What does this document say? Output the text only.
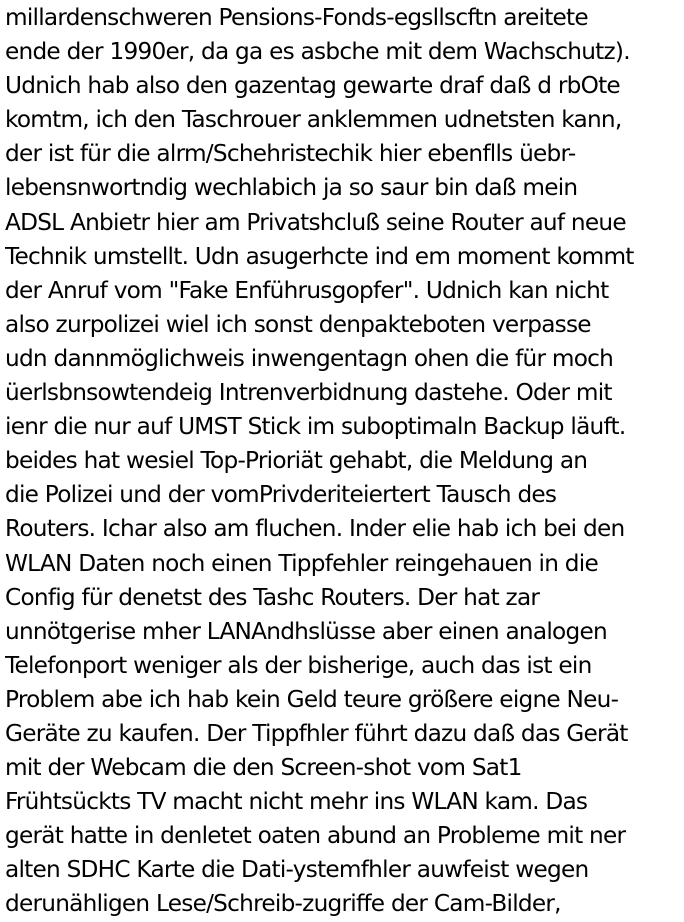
millardenschweren Pensions-Fonds-egsllscftn areitete
ende der 1990er, da ga es asbche mit dem Wachschutz).
Udnich hab also den gazentag gewarte draf daß d rbOte
komtm, ich den Taschrouer anklemmen udnetsten kann,
der ist für die alrm/Schehristechik hier ebenflls üebr-
lebensnwortndig wechlabich ja so saur bin daß mein
ADSL Anbietr hier am Privatshcluß seine Router auf neue
Technik umstellt. Udn asugerhcte ind em moment kommt
der Anruf vom "Fake Enführusgopfer". Udnich kan nicht
also zurpolizei wiel ich sonst denpakteboten verpasse
udn dannmöglichweis inwengentagn ohen die für moch
üerlsbnsowtendeig Intrenverbidnung dastehe. Oder mit
ienr die nur auf UMST Stick im suboptimaln Backup läuft.
beides hat wesiel Top-Prioriät gehabt, die Meldung an
die Polizei und der vomPrivderiteiertert Tausch des
Routers. Ichar also am fluchen. Inder elie hab ich bei den
WLAN Daten noch einen Tippfehler reingehauen in die
Config für denetst des Tashc Routers. Der hat zar
unnötgerise mher LANAndhslüsse aber einen analogen
Telefonport weniger als der bisherige, auch das ist ein
Problem abe ich hab kein Geld teure größere eigne Neu-
Geräte zu kaufen. Der Tippfhler führt dazu daß das Gerät
mit der Webcam die den Screen-shot vom Sat1
Frühtsückts TV macht nicht mehr ins WLAN kam. Das
gerät hatte in denletet oaten abund an Probleme mit ner
alten SDHC Karte die Dati-ystemfhler auwfeist wegen
derunähligen Lese/Schreib-zugriffe der Cam-Bilder,
